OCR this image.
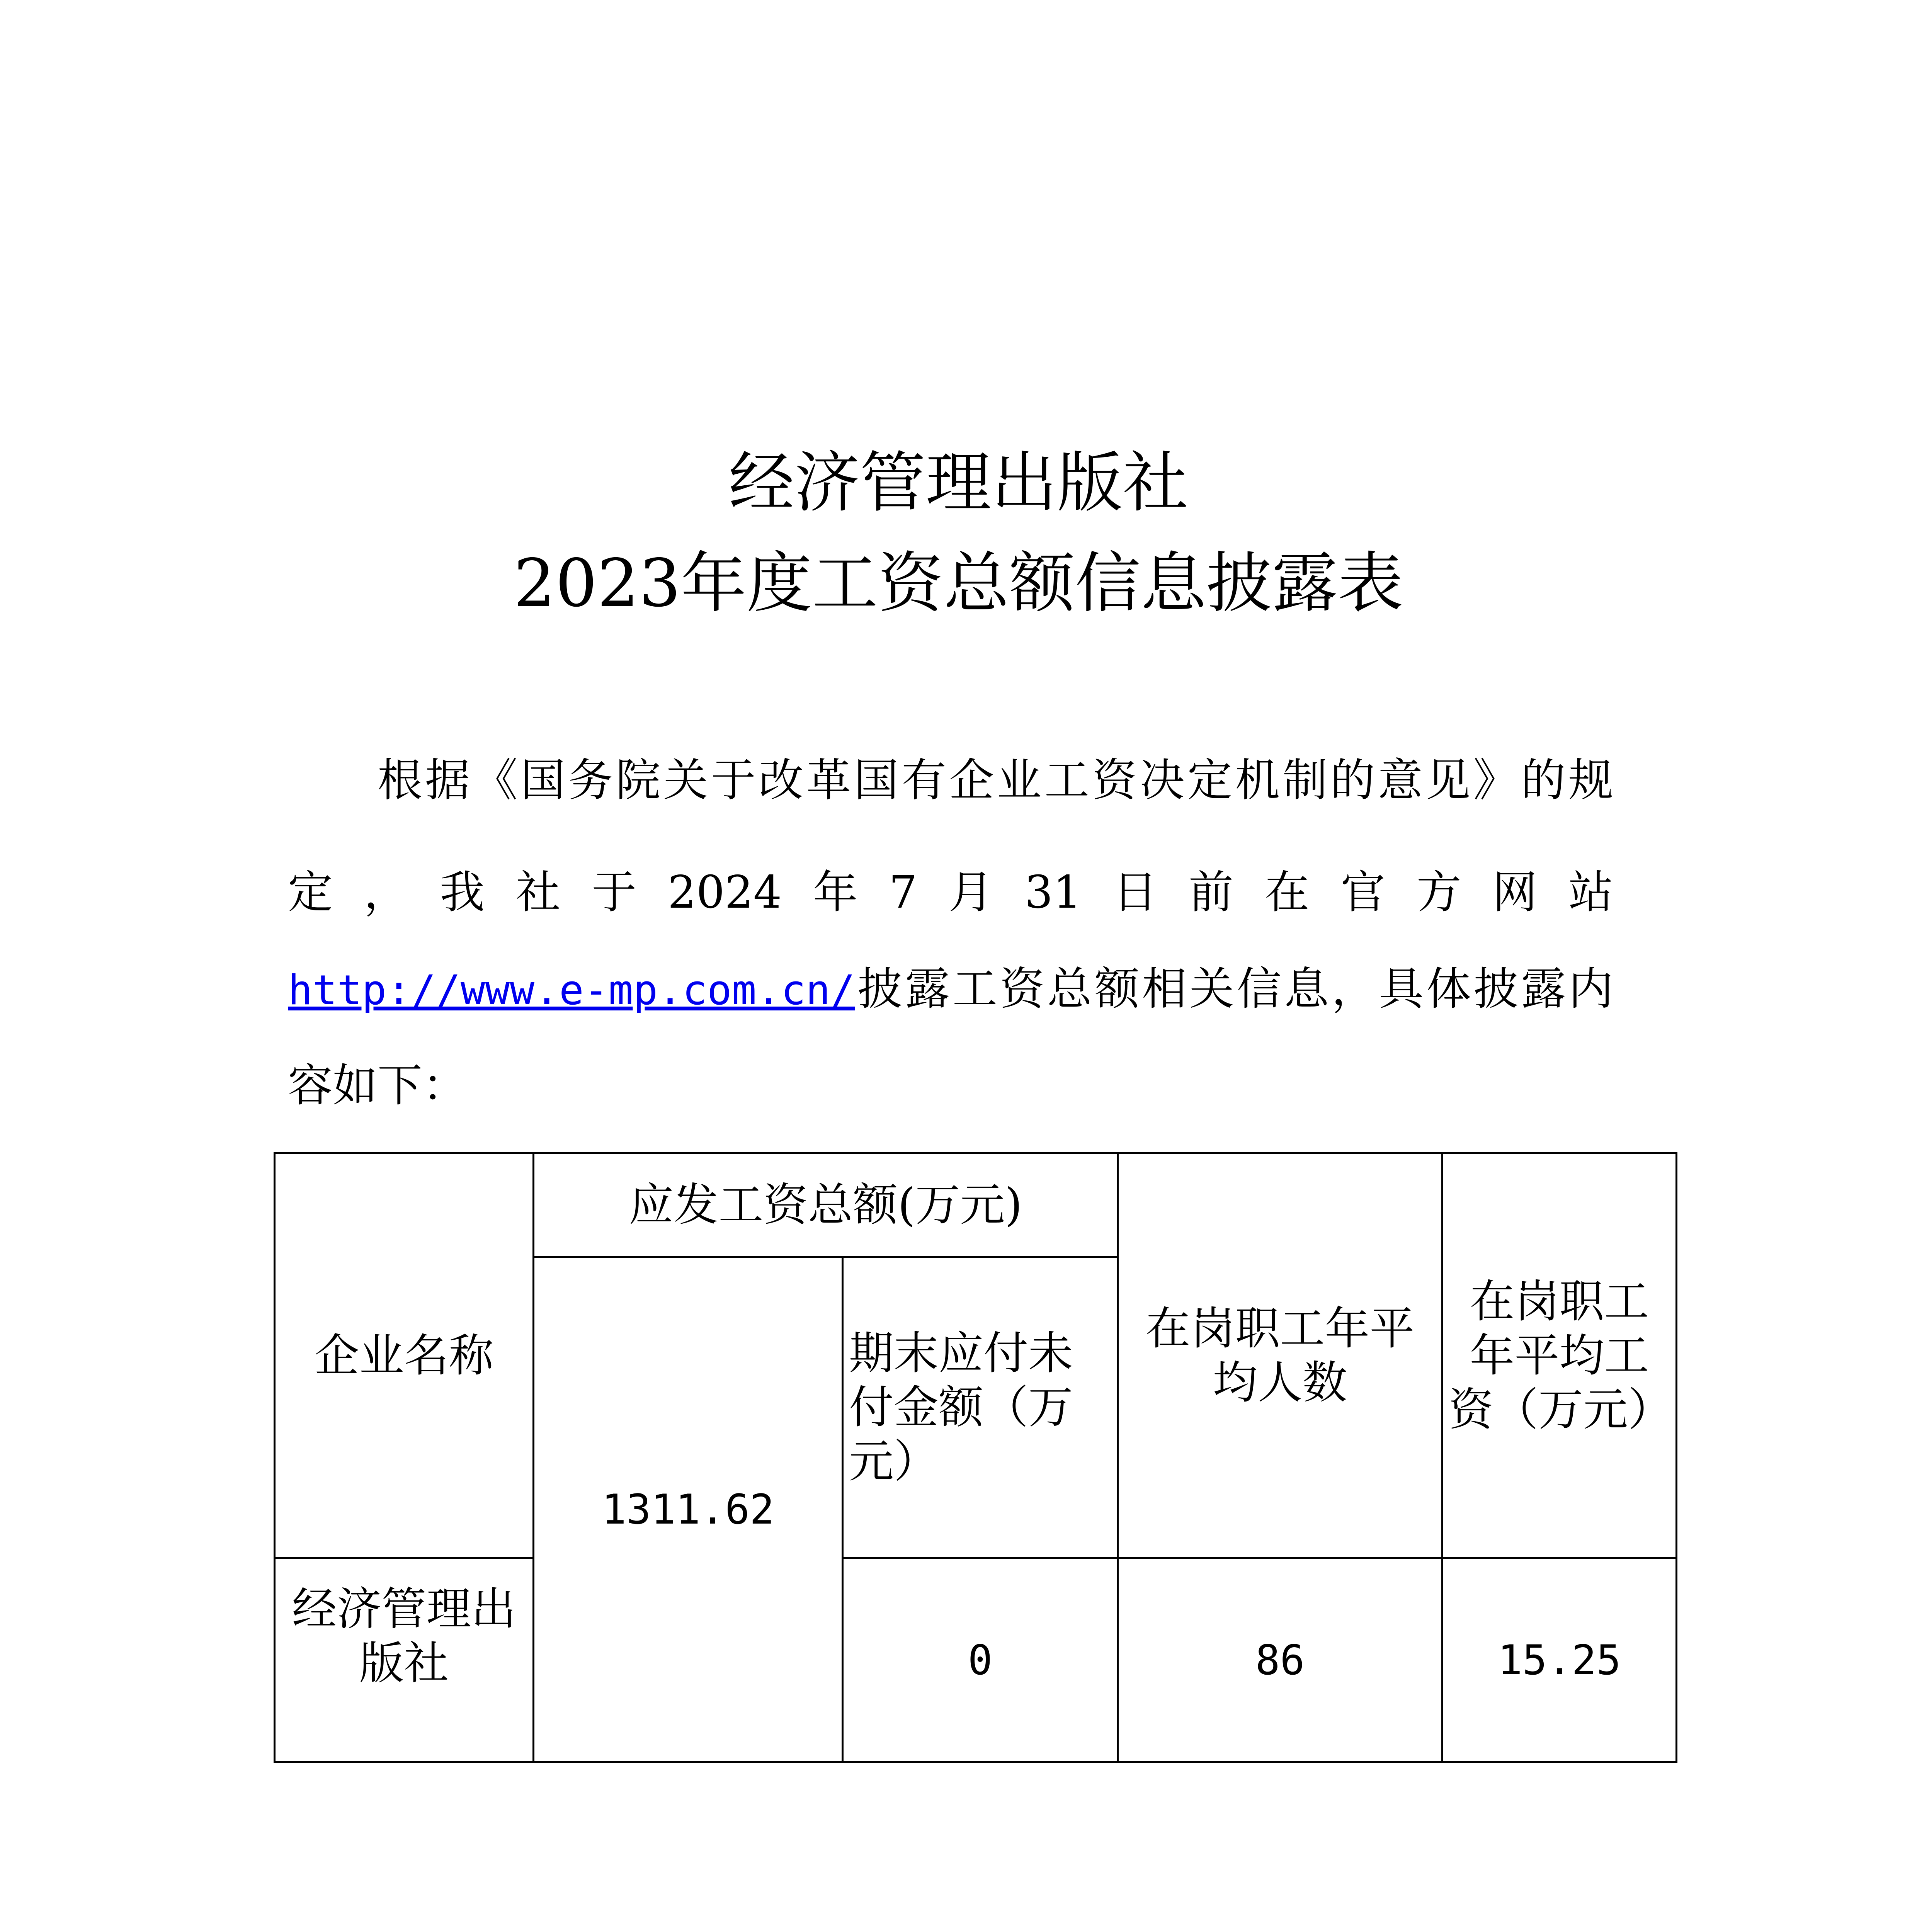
经济管理出版社
2023年度工资总额信息披露表
根据《国务院关于改革国有企业工资决定机制的意见》的规
定，我社于2024年7月31日前在官方网站
http://www.e-mp.com.cn/披露工资总额相关信息，具体披露内
容如下：
企业名称	应发工资总额(万元)		在岗职工年平均人数	在岗职工年平均工资（万元）
	1311.62	期末应付未付金额（万元）		
经济管理出版社		0	86	15.25
